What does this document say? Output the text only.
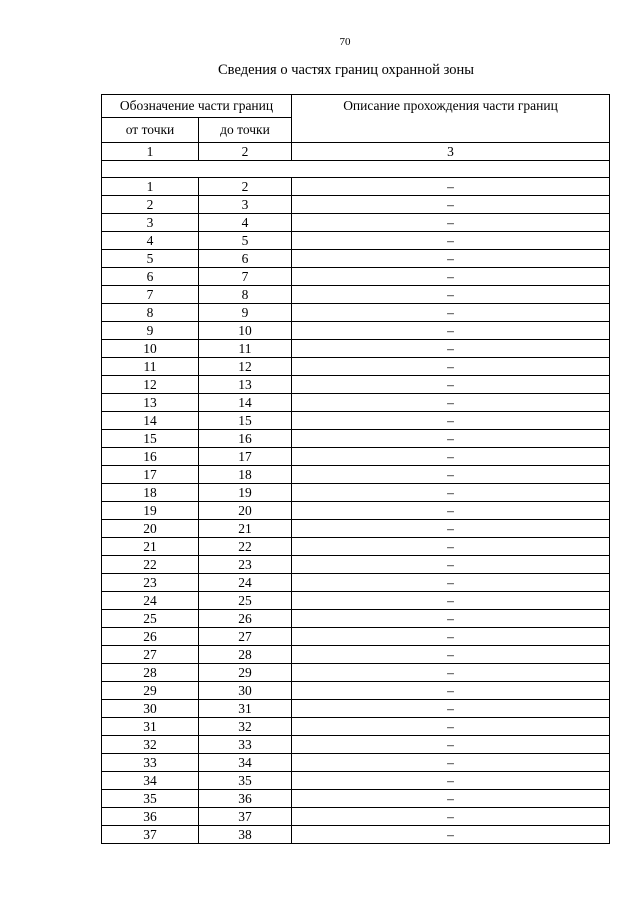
70
Сведения о частях границ охранной зоны
Обозначение части границ		Описание прохождения части границ
от точки	до точки	
1	2	3

1	2	–
2	3	–
3	4	–
4	5	–
5	6	–
6	7	–
7	8	–
8	9	–
9	10	–
10	11	–
11	12	–
12	13	–
13	14	–
14	15	–
15	16	–
16	17	–
17	18	–
18	19	–
19	20	–
20	21	–
21	22	–
22	23	–
23	24	–
24	25	–
25	26	–
26	27	–
27	28	–
28	29	–
29	30	–
30	31	–
31	32	–
32	33	–
33	34	–
34	35	–
35	36	–
36	37	–
37	38	–
